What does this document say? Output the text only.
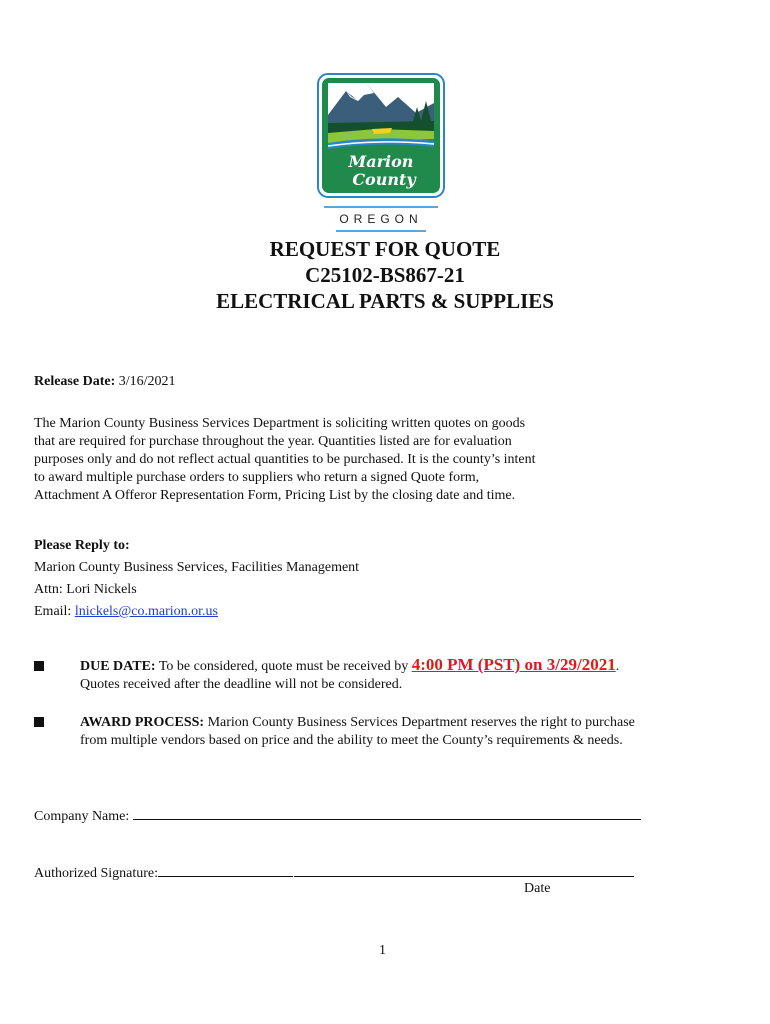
Marion
County
OREGON
REQUEST FOR QUOTE
C25102-BS867-21
ELECTRICAL PARTS & SUPPLIES
Release Date: 3/16/2021
The Marion County Business Services Department is soliciting written quotes on goods
that are required for purchase throughout the year. Quantities listed are for evaluation
purposes only and do not reflect actual quantities to be purchased. It is the county’s intent
to award multiple purchase orders to suppliers who return a signed Quote form,
Attachment A Offeror Representation Form, Pricing List by the closing date and time.
Please Reply to:
Marion County Business Services, Facilities Management
Attn: Lori Nickels
Email: lnickels@co.marion.or.us
DUE DATE: To be considered, quote must be received by 4:00 PM (PST) on 3/29/2021.
Quotes received after the deadline will not be considered.
AWARD PROCESS: Marion County Business Services Department reserves the right to purchase
from multiple vendors based on price and the ability to meet the County’s requirements & needs.
Company Name:
Authorized Signature:
Date
1
